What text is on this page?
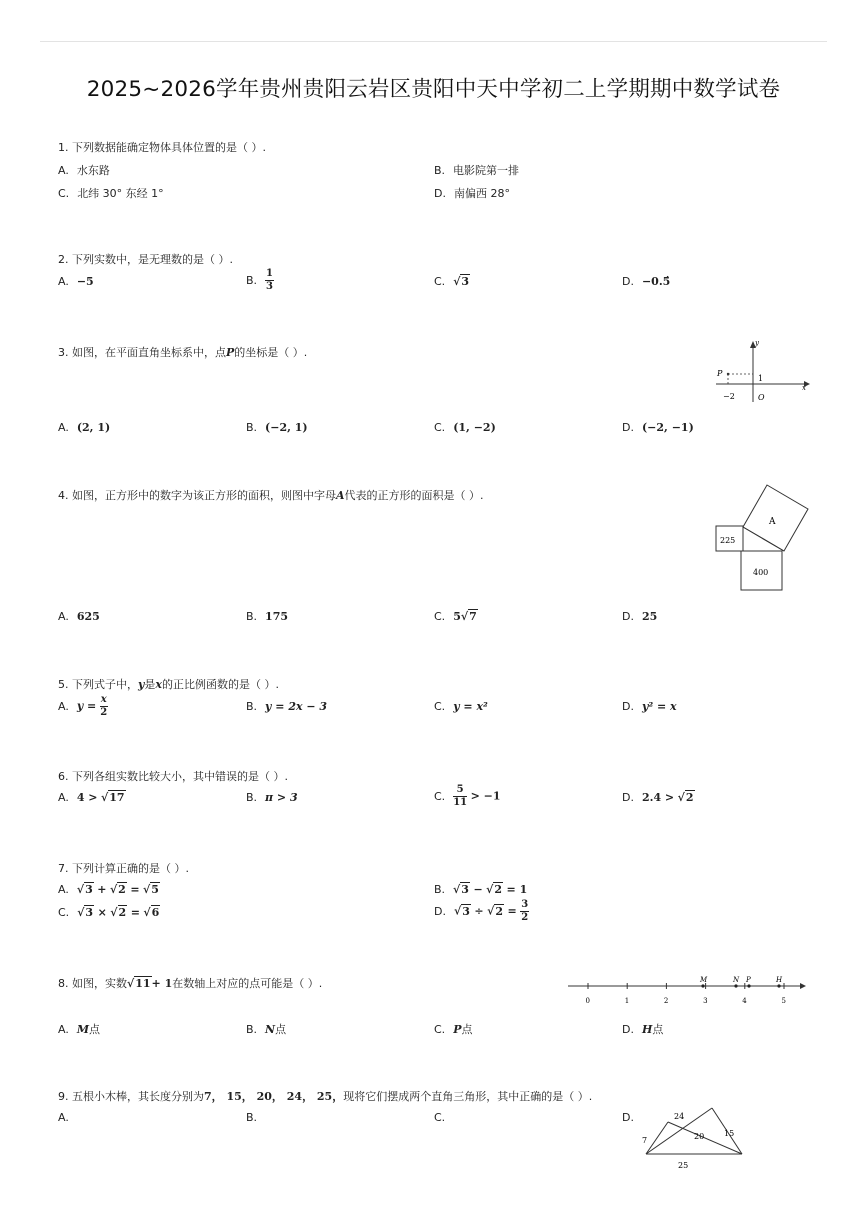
2025~2026学年贵州贵阳云岩区贵阳中天中学初二上学期期中数学试卷
1. 下列数据能确定物体具体位置的是（ ）.
A. 水东路	B. 电影院第一排
C. 北纬 30° 东经 1°	D. 南偏西 28°
2. 下列实数中，是无理数的是（ ）.
A. −5	B. $\frac{1}{3}$	C. √3	D. −0.5̇
3. 如图，在平面直角坐标系中，点P的坐标是（ ）.
y
x
P
1
−2	O
A. (2, 1)	B. (−2, 1)	C. (1, −2)	D. (−2, −1)
4. 如图，正方形中的数字为该正方形的面积，则图中字母A代表的正方形的面积是（ ）.
A
225
400
A. 625	B. 175	C. 5√7	D. 25
5. 下列式子中，y是x的正比例函数的是（ ）.
A. $y = \frac{x}{2}$	B. y = 2x − 3	C. y = x²	D. y² = x
6. 下列各组实数比较大小，其中错误的是（ ）.
A. 4 > √17	B. π > 3	C. $\frac{5}{11} > -1$	D. 2.4 > √2
7. 下列计算正确的是（ ）.
A. √3 + √2 = √5	B. √3 − √2 = 1
C. √3 × √2 = √6	D. $√3 \div √2 = \frac{3}{2}$
8. 如图，实数√11+ 1在数轴上对应的点可能是（ ）.
0	1	2	3	4	5
M	N P	H
A. M点	B. N点	C. P点	D. H点
9. 五根小木棒，其长度分别为7， 15， 20， 24， 25，现将它们摆成两个直角三角形，其中正确的是（ ）.
A.	B.	C.	D.	24
7	20 15
25
